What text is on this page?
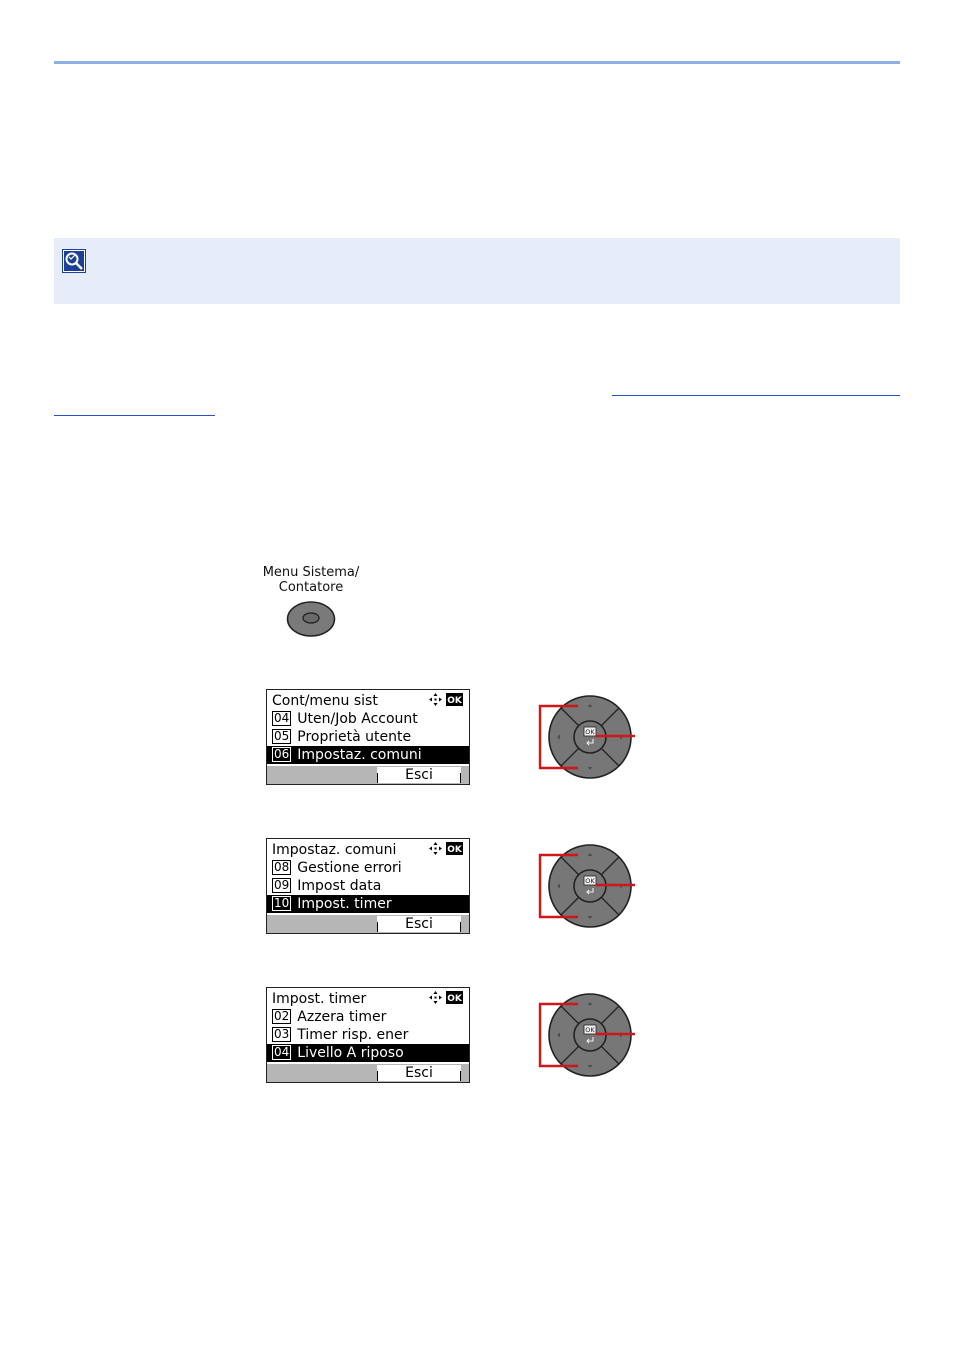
Menu Sistema/
Contatore
Cont/menu sist	OK
04 Uten/Job Account
05 Proprietà utente
06 Impostaz. comuni
Esci
Impostaz. comuni	OK
08 Gestione errori
09 Impost data
10 Impost. timer
Esci
Impost. timer	OK
02 Azzera timer
03 Timer risp. ener
04 Livello A riposo
Esci
OK
OK
OK
